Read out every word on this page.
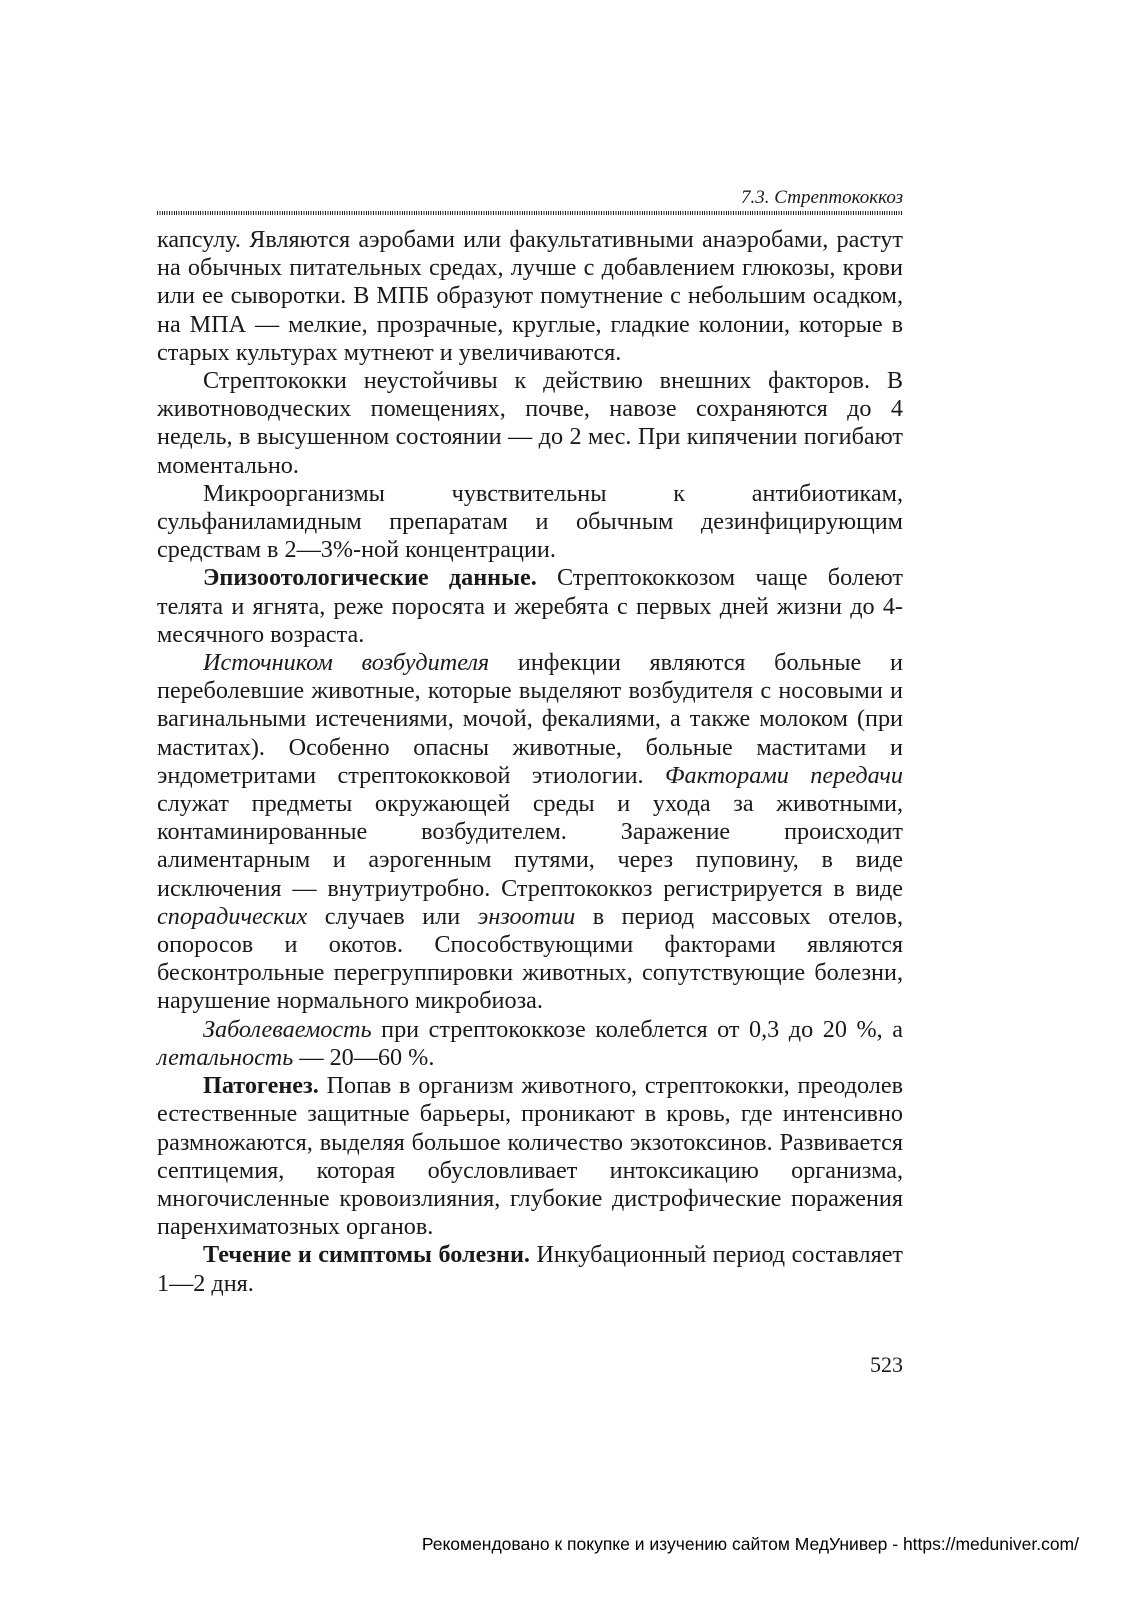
7.3. Стрептококкоз

капсулу. Являются аэробами или факультативными анаэробами, растут на обычных питательных средах, лучше с добавлением глюкозы, крови или ее сыворотки. В МПБ образуют помутнение с небольшим осадком, на МПА — мелкие, прозрачные, круглые, гладкие колонии, которые в старых культурах мутнеют и увеличиваются.

Стрептококки неустойчивы к действию внешних факторов. В животноводческих помещениях, почве, навозе сохраняются до 4 недель, в высушенном состоянии — до 2 мес. При кипячении погибают моментально.

Микроорганизмы чувствительны к антибиотикам, сульфаниламидным препаратам и обычным дезинфицирующим средствам в 2—3%-ной концентрации.

Эпизоотологические данные. Стрептококкозом чаще болеют телята и ягнята, реже поросята и жеребята с первых дней жизни до 4-месячного возраста.

Источником возбудителя инфекции являются больные и переболевшие животные, которые выделяют возбудителя с носовыми и вагинальными истечениями, мочой, фекалиями, а также молоком (при маститах). Особенно опасны животные, больные маститами и эндометритами стрептококковой этиологии. Факторами передачи служат предметы окружающей среды и ухода за животными, контаминированные возбудителем. Заражение происходит алиментарным и аэрогенным путями, через пуповину, в виде исключения — внутриутробно. Стрептококкоз регистрируется в виде спорадических случаев или энзоотии в период массовых отелов, опоросов и окотов. Способствующими факторами являются бесконтрольные перегруппировки животных, сопутствующие болезни, нарушение нормального микробиоза.

Заболеваемость при стрептококкозе колеблется от 0,3 до 20 %, а летальность — 20—60 %.

Патогенез. Попав в организм животного, стрептококки, преодолев естественные защитные барьеры, проникают в кровь, где интенсивно размножаются, выделяя большое количество экзотоксинов. Развивается септицемия, которая обусловливает интоксикацию организма, многочисленные кровоизлияния, глубокие дистрофические поражения паренхиматозных органов.

Течение и симптомы болезни. Инкубационный период составляет 1—2 дня.

523
Рекомендовано к покупке и изучению сайтом МедУнивер - https://meduniver.com/
